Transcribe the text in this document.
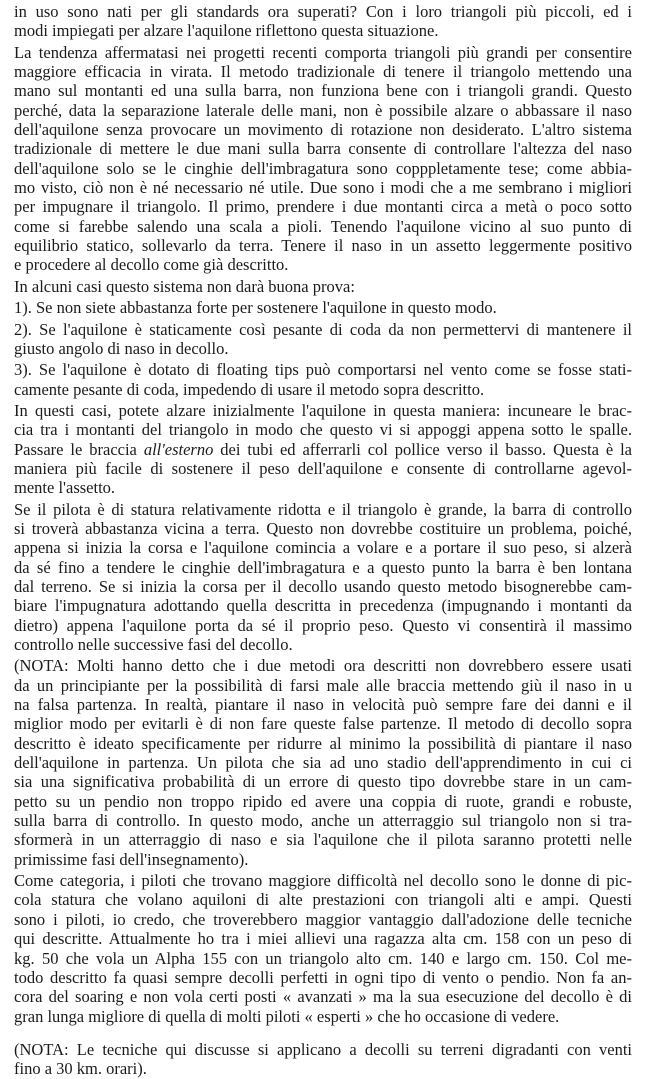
in uso sono nati per gli standards ora superati? Con i loro triangoli più piccoli, ed i
modi impiegati per alzare l'aquilone riflettono questa situazione.
La tendenza affermatasi nei progetti recenti comporta triangoli più grandi per consentire
maggiore efficacia in virata. Il metodo tradizionale di tenere il triangolo mettendo una
mano sul montanti ed una sulla barra, non funziona bene con i triangoli grandi. Questo
perché, data la separazione laterale delle mani, non è possibile alzare o abbassare il naso
dell'aquilone senza provocare un movimento di rotazione non desiderato. L'altro sistema
tradizionale di mettere le due mani sulla barra consente di controllare l'altezza del naso
dell'aquilone solo se le cinghie dell'imbragatura sono copppletamente tese; come abbia-
mo visto, ciò non è né necessario né utile. Due sono i modi che a me sembrano i migliori
per impugnare il triangolo. Il primo, prendere i due montanti circa a metà o poco sotto
come si farebbe salendo una scala a pioli. Tenendo l'aquilone vicino al suo punto di
equilibrio statico, sollevarlo da terra. Tenere il naso in un assetto leggermente positivo
e procedere al decollo come già descritto.
In alcuni casi questo sistema non darà buona prova:
1). Se non siete abbastanza forte per sostenere l'aquilone in questo modo.
2). Se l'aquilone è staticamente così pesante di coda da non permettervi di mantenere il
giusto angolo di naso in decollo.
3). Se l'aquilone è dotato di floating tips può comportarsi nel vento come se fosse stati-
camente pesante di coda, impedendo di usare il metodo sopra descritto.
In questi casi, potete alzare inizialmente l'aquilone in questa maniera: incuneare le brac-
cia tra i montanti del triangolo in modo che questo vi si appoggi appena sotto le spalle.
Passare le braccia all'esterno dei tubi ed afferrarli col pollice verso il basso. Questa è la
maniera più facile di sostenere il peso dell'aquilone e consente di controllarne agevol-
mente l'assetto.
Se il pilota è di statura relativamente ridotta e il triangolo è grande, la barra di controllo
si troverà abbastanza vicina a terra. Questo non dovrebbe costituire un problema, poiché,
appena si inizia la corsa e l'aquilone comincia a volare e a portare il suo peso, si alzerà
da sé fino a tendere le cinghie dell'imbragatura e a questo punto la barra è ben lontana
dal terreno. Se si inizia la corsa per il decollo usando questo metodo bisognerebbe cam-
biare l'impugnatura adottando quella descritta in precedenza (impugnando i montanti da
dietro) appena l'aquilone porta da sé il proprio peso. Questo vi consentirà il massimo
controllo nelle successive fasi del decollo.
(NOTA: Molti hanno detto che i due metodi ora descritti non dovrebbero essere usati
da un principiante per la possibilità di farsi male alle braccia mettendo giù il naso in u
na falsa partenza. In realtà, piantare il naso in velocità può sempre fare dei danni e il
miglior modo per evitarli è di non fare queste false partenze. Il metodo di decollo sopra
descritto è ideato specificamente per ridurre al minimo la possibilità di piantare il naso
dell'aquilone in partenza. Un pilota che sia ad uno stadio dell'apprendimento in cui ci
sia una significativa probabilità di un errore di questo tipo dovrebbe stare in un cam-
petto su un pendio non troppo ripido ed avere una coppia di ruote, grandi e robuste,
sulla barra di controllo. In questo modo, anche un atterraggio sul triangolo non si tra-
sformerà in un atterraggio di naso e sia l'aquilone che il pilota saranno protetti nelle
primissime fasi dell'insegnamento).
Come categoria, i piloti che trovano maggiore difficoltà nel decollo sono le donne di pic-
cola statura che volano aquiloni di alte prestazioni con triangoli alti e ampi. Questi
sono i piloti, io credo, che troverebbero maggior vantaggio dall'adozione delle tecniche
qui descritte. Attualmente ho tra i miei allievi una ragazza alta cm. 158 con un peso di
kg. 50 che vola un Alpha 155 con un triangolo alto cm. 140 e largo cm. 150. Col me-
todo descritto fa quasi sempre decolli perfetti in ogni tipo di vento o pendio. Non fa an-
cora del soaring e non vola certi posti « avanzati » ma la sua esecuzione del decollo è di
gran lunga migliore di quella di molti piloti « esperti » che ho occasione di vedere.
(NOTA: Le tecniche qui discusse si applicano a decolli su terreni digradanti con venti
fino a 30 km. orari).
